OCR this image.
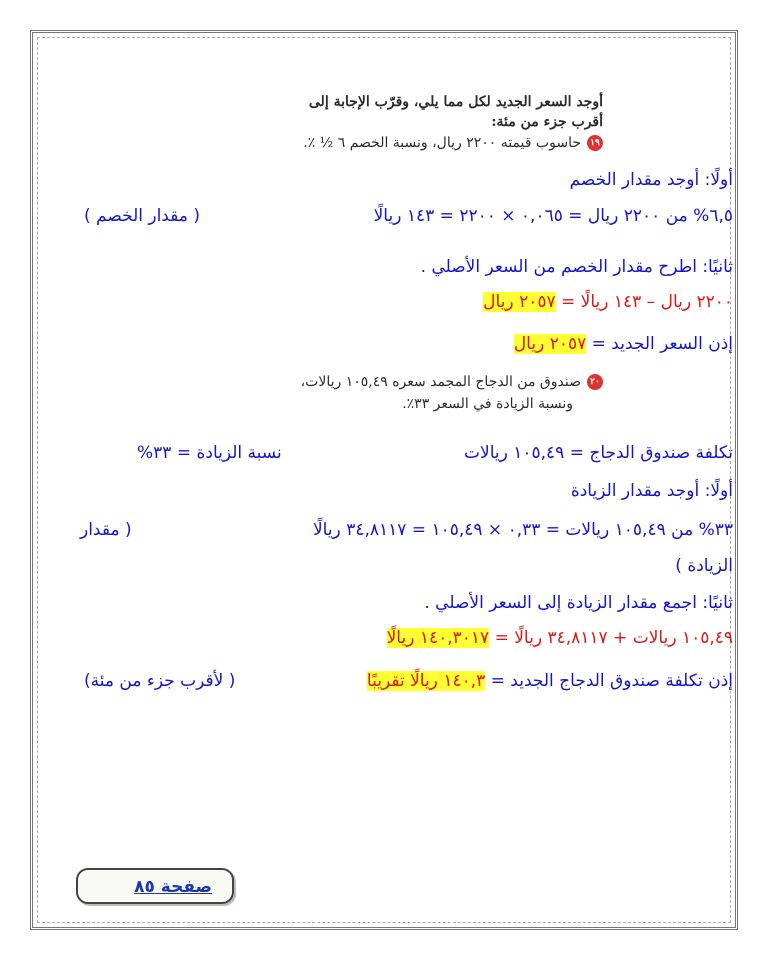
أوجد السعر الجديد لكل مما يلي، وقرّب الإجابة إلى
أقرب جزء من مئة:
١٩حاسوب قيمته ٢٢٠٠ ريال، ونسبة الخصم ٦ ½ ٪.
أولًا: أوجد مقدار الخصم
٦,٥% من ٢٢٠٠ ريال = ٠,٠٦٥ × ٢٢٠٠ = ١٤٣ ريالًا
( مقدار الخصم )
ثانيًا: اطرح مقدار الخصم من السعر الأصلي .
٢٢٠٠ ريال – ١٤٣ ريالًا = ٢٠٥٧ ريال
إذن السعر الجديد = ٢٠٥٧ ريال
٢٠صندوق من الدجاج المجمد سعره ١٠٥,٤٩ ريالات،
ونسبة الزيادة في السعر ٣٣٪.
تكلفة صندوق الدجاج = ١٠٥,٤٩ ريالات
نسبة الزيادة = ٣٣%
أولًا: أوجد مقدار الزيادة
٣٣% من ١٠٥,٤٩ ريالات = ٠,٣٣ × ١٠٥,٤٩ = ٣٤,٨١١٧ ريالًا
( مقدار
الزيادة )
ثانيًا: اجمع مقدار الزيادة إلى السعر الأصلي .
١٠٥,٤٩ ريالات + ٣٤,٨١١٧ ريالًا = ١٤٠,٣٠١٧ ريالًا
إذن تكلفة صندوق الدجاج الجديد = ١٤٠,٣ ريالًا تقريبًا
( لأقرب جزء من مئة)
صفحة ٨٥
